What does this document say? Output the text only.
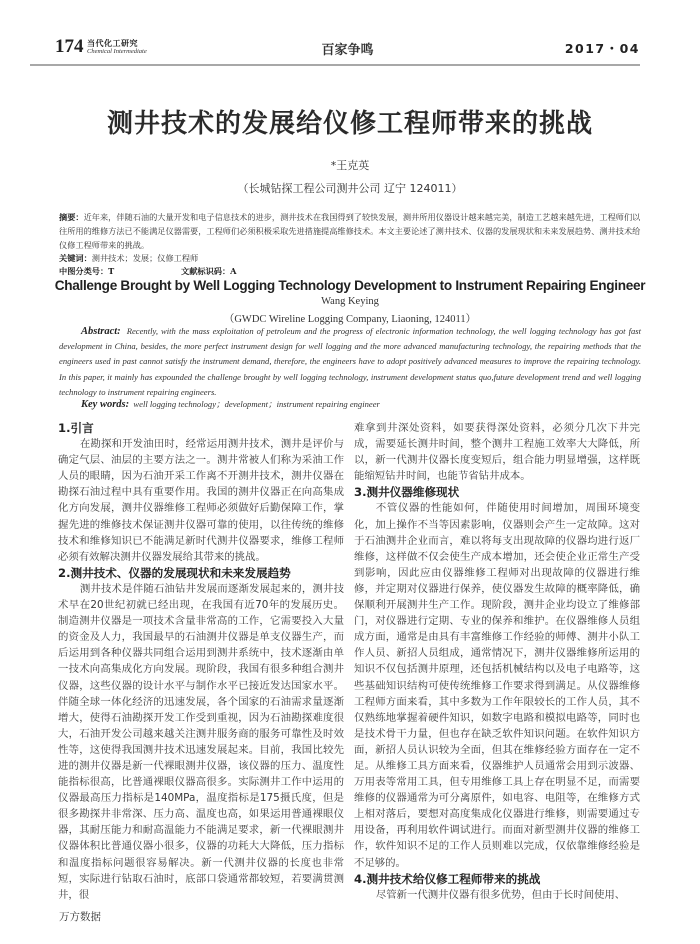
174 当代化工研究
Chemical Intermediate	百家争鸣	2017・04
测井技术的发展给仪修工程师带来的挑战
*王克英
（长城钻探工程公司测井公司 辽宁 124011）
摘要：近年来，伴随石油的大量开发和电子信息技术的进步，测井技术在我国得到了较快发展，测井所用仪器设计越来越完美，制造工艺越来越先进，工程师们以往所用的维修方法已不能满足仪器需要，工程师们必须积极采取先进措施提高维修技术。本文主要论述了测井技术、仪器的发展现状和未来发展趋势、测井技术给仪修工程师带来的挑战。
关键词：测井技术；发展；仪修工程师
中图分类号：T	文献标识码：A
Challenge Brought by Well Logging Technology Development to Instrument Repairing Engineer
Wang Keying
（GWDC Wireline Logging Company, Liaoning, 124011）
Abstract: Recently, with the mass exploitation of petroleum and the progress of electronic information technology, the well logging technology has got fast development in China, besides, the more perfect instrument design for well logging and the more advanced manufacturing technology, the repairing methods that the engineers used in past cannot satisfy the instrument demand, therefore, the engineers have to adopt positively advanced measures to improve the repairing technology. In this paper, it mainly has expounded the challenge brought by well logging technology, instrument development status quo,future development trend and well logging technology to instrument repairing engineers.
Key words: well logging technology；development；instrument repairing engineer
1.引言

在勘探和开发油田时，经常运用测井技术，测井是评价与确定气层、油层的主要方法之一。测井常被人们称为采油工作人员的眼睛，因为石油开采工作离不开测井技术，测井仪器在勘探石油过程中具有重要作用。我国的测井仪器正在向高集成化方向发展，测井仪器维修工程师必须做好后勤保障工作，掌握先进的维修技术保证测井仪器可靠的使用，以往传统的维修技术和维修知识已不能满足新时代测井仪器要求，维修工程师必须有效解决测井仪器发展给其带来的挑战。

2.测井技术、仪器的发展现状和未来发展趋势

测井技术是伴随石油钻井发展而逐渐发展起来的，测井技术早在20世纪初就已经出现，在我国有近70年的发展历史。制造测井仪器是一项技术含量非常高的工作，它需要投入大量的资金及人力，我国最早的石油测井仪器是单支仪器生产，而后运用到各种仪器共同组合运用到测井系统中，技术逐渐由单一技术向高集成化方向发展。现阶段，我国有很多种组合测井仪器，这些仪器的设计水平与制作水平已接近发达国家水平。伴随全球一体化经济的迅速发展，各个国家的石油需求量逐渐增大，使得石油勘探开发工作受到重视，因为石油勘探难度很大，石油开发公司越来越关注测井服务商的服务可靠性及时效性等，这使得我国测井技术迅速发展起来。目前，我国比较先进的测井仪器是新一代裸眼测井仪器，该仪器的压力、温度性能指标很高，比普通裸眼仪器高很多。实际测井工作中运用的仪器最高压力指标是140MPa，温度指标是175摄氏度，但是很多勘探井非常深、压力高、温度也高，如果运用普通裸眼仪器，其耐压能力和耐高温能力不能满足要求，新一代裸眼测井仪器体积比普通仪器小很多，仪器的功耗大大降低，压力指标和温度指标问题很容易解决。新一代测井仪器的长度也非常短，实际进行钻取石油时，底部口袋通常都较短，若要满贯测井，很

难拿到井深处资料，如要获得深处资料，必须分几次下井完成，需要延长测井时间，整个测井工程施工效率大大降低，所以，新一代测井仪器长度变短后，组合能力明显增强，这样既能缩短钻井时间，也能节省钻井成本。

3.测井仪器维修现状

不管仪器的性能如何，伴随使用时间增加，周围环境变化，加上操作不当等因素影响，仪器则会产生一定故障。这对于石油测井企业而言，难以将每支出现故障的仪器均进行返厂维修，这样做不仅会使生产成本增加，还会使企业正常生产受到影响，因此应由仪器维修工程师对出现故障的仪器进行维修，并定期对仪器进行保养，使仪器发生故障的概率降低，确保顺利开展测井生产工作。现阶段，测井企业均设立了维修部门，对仪器进行定期、专业的保养和维护。在仪器维修人员组成方面，通常是由具有丰富维修工作经验的师傅、测井小队工作人员、新招人员组成，通常情况下，测井仪器维修所运用的知识不仅包括测井原理，还包括机械结构以及电子电路等，这些基础知识结构可使传统维修工作要求得到满足。从仪器维修工程师方面来看，其中多数为工作年限较长的工作人员，其不仅熟练地掌握着硬件知识，如数字电路和模拟电路等，同时也是技术骨干力量，但也存在缺乏软件知识问题。在软件知识方面，新招人员认识较为全面，但其在维修经验方面存在一定不足。从维修工具方面来看，仪器维护人员通常会用到示波器、万用表等常用工具，但专用维修工具上存在明显不足，而需要维修的仪器通常为可分离原件，如电容、电阻等，在维修方式上相对落后，要想对高度集成化仪器进行维修，则需要通过专用设备，再利用软件调试进行。而面对新型测井仪器的维修工作，软件知识不足的工作人员则难以完成，仅依靠维修经验是不足够的。

4.测井技术给仪修工程师带来的挑战

尽管新一代测井仪器有很多优势，但由于长时间使用、

万方数据
